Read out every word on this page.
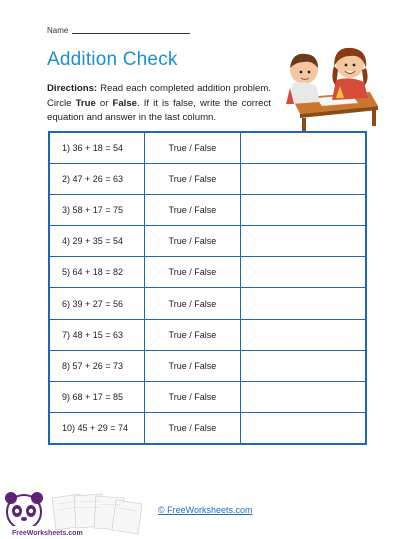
Name
Addition Check
Directions: Read each completed addition problem. Circle True or False. If it is false, write the correct equation and answer in the last column.
1) 36 + 18 = 54	True / False	
2) 47 + 26 = 63	True / False	
3) 58 + 17 = 75	True / False	
4) 29 + 35 = 54	True / False	
5) 64 + 18 = 82	True / False	
6) 39 + 27 = 56	True / False	
7) 48 + 15 = 63	True / False	
8) 57 + 26 = 73	True / False	
9) 68 + 17 = 85	True / False	
10) 45 + 29 = 74	True / False	
FreeWorksheets.com
© FreeWorksheets.com
